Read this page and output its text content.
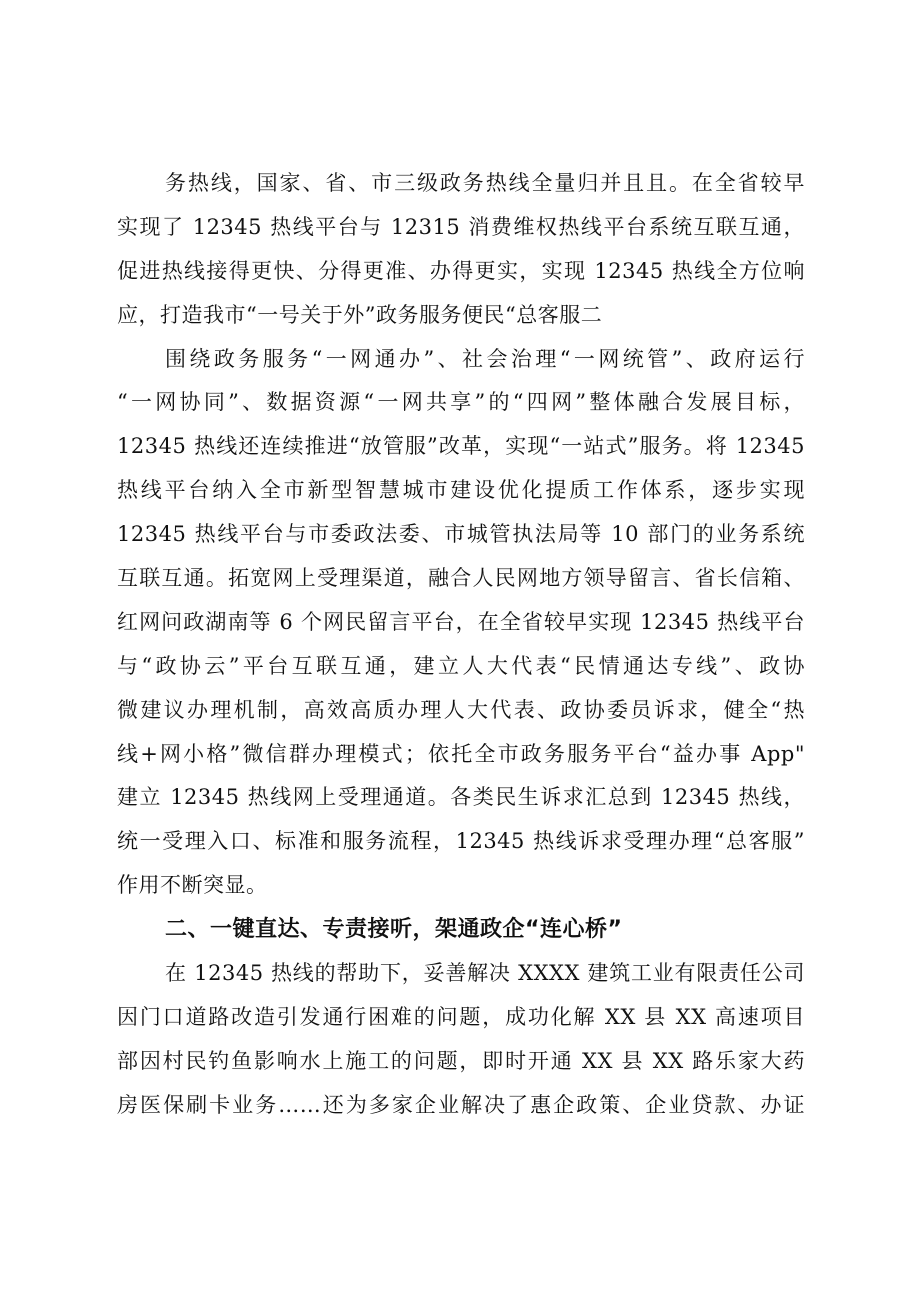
务热线，国家、省、市三级政务热线全量归并且且。在全省较早
实现了 12345 热线平台与 12315 消费维权热线平台系统互联互通，
促进热线接得更快、分得更准、办得更实，实现 12345 热线全方位响
应，打造我市“一号关于外”政务服务便民“总客服二
围绕政务服务“一网通办”、社会治理“一网统管”、政府运行
“一网协同”、数据资源“一网共享”的“四网”整体融合发展目标，
12345 热线还连续推进“放管服”改革，实现“一站式”服务。将 12345
热线平台纳入全市新型智慧城市建设优化提质工作体系，逐步实现
12345 热线平台与市委政法委、市城管执法局等 10 部门的业务系统
互联互通。拓宽网上受理渠道，融合人民网地方领导留言、省长信箱、
红网问政湖南等 6 个网民留言平台，在全省较早实现 12345 热线平台
与“政协云”平台互联互通，建立人大代表“民情通达专线”、政协
微建议办理机制，高效高质办理人大代表、政协委员诉求，健全“热
线+网小格”微信群办理模式；依托全市政务服务平台“益办事 App"
建立 12345 热线网上受理通道。各类民生诉求汇总到 12345 热线，
统一受理入口、标准和服务流程，12345 热线诉求受理办理“总客服”
作用不断突显。
二、一键直达、专责接听，架通政企“连心桥”
在 12345 热线的帮助下，妥善解决 XXXX 建筑工业有限责任公司
因门口道路改造引发通行困难的问题，成功化解 XX 县 XX 高速项目
部因村民钓鱼影响水上施工的问题，即时开通 XX 县 XX 路乐家大药
房医保刷卡业务……还为多家企业解决了惠企政策、企业贷款、办证
